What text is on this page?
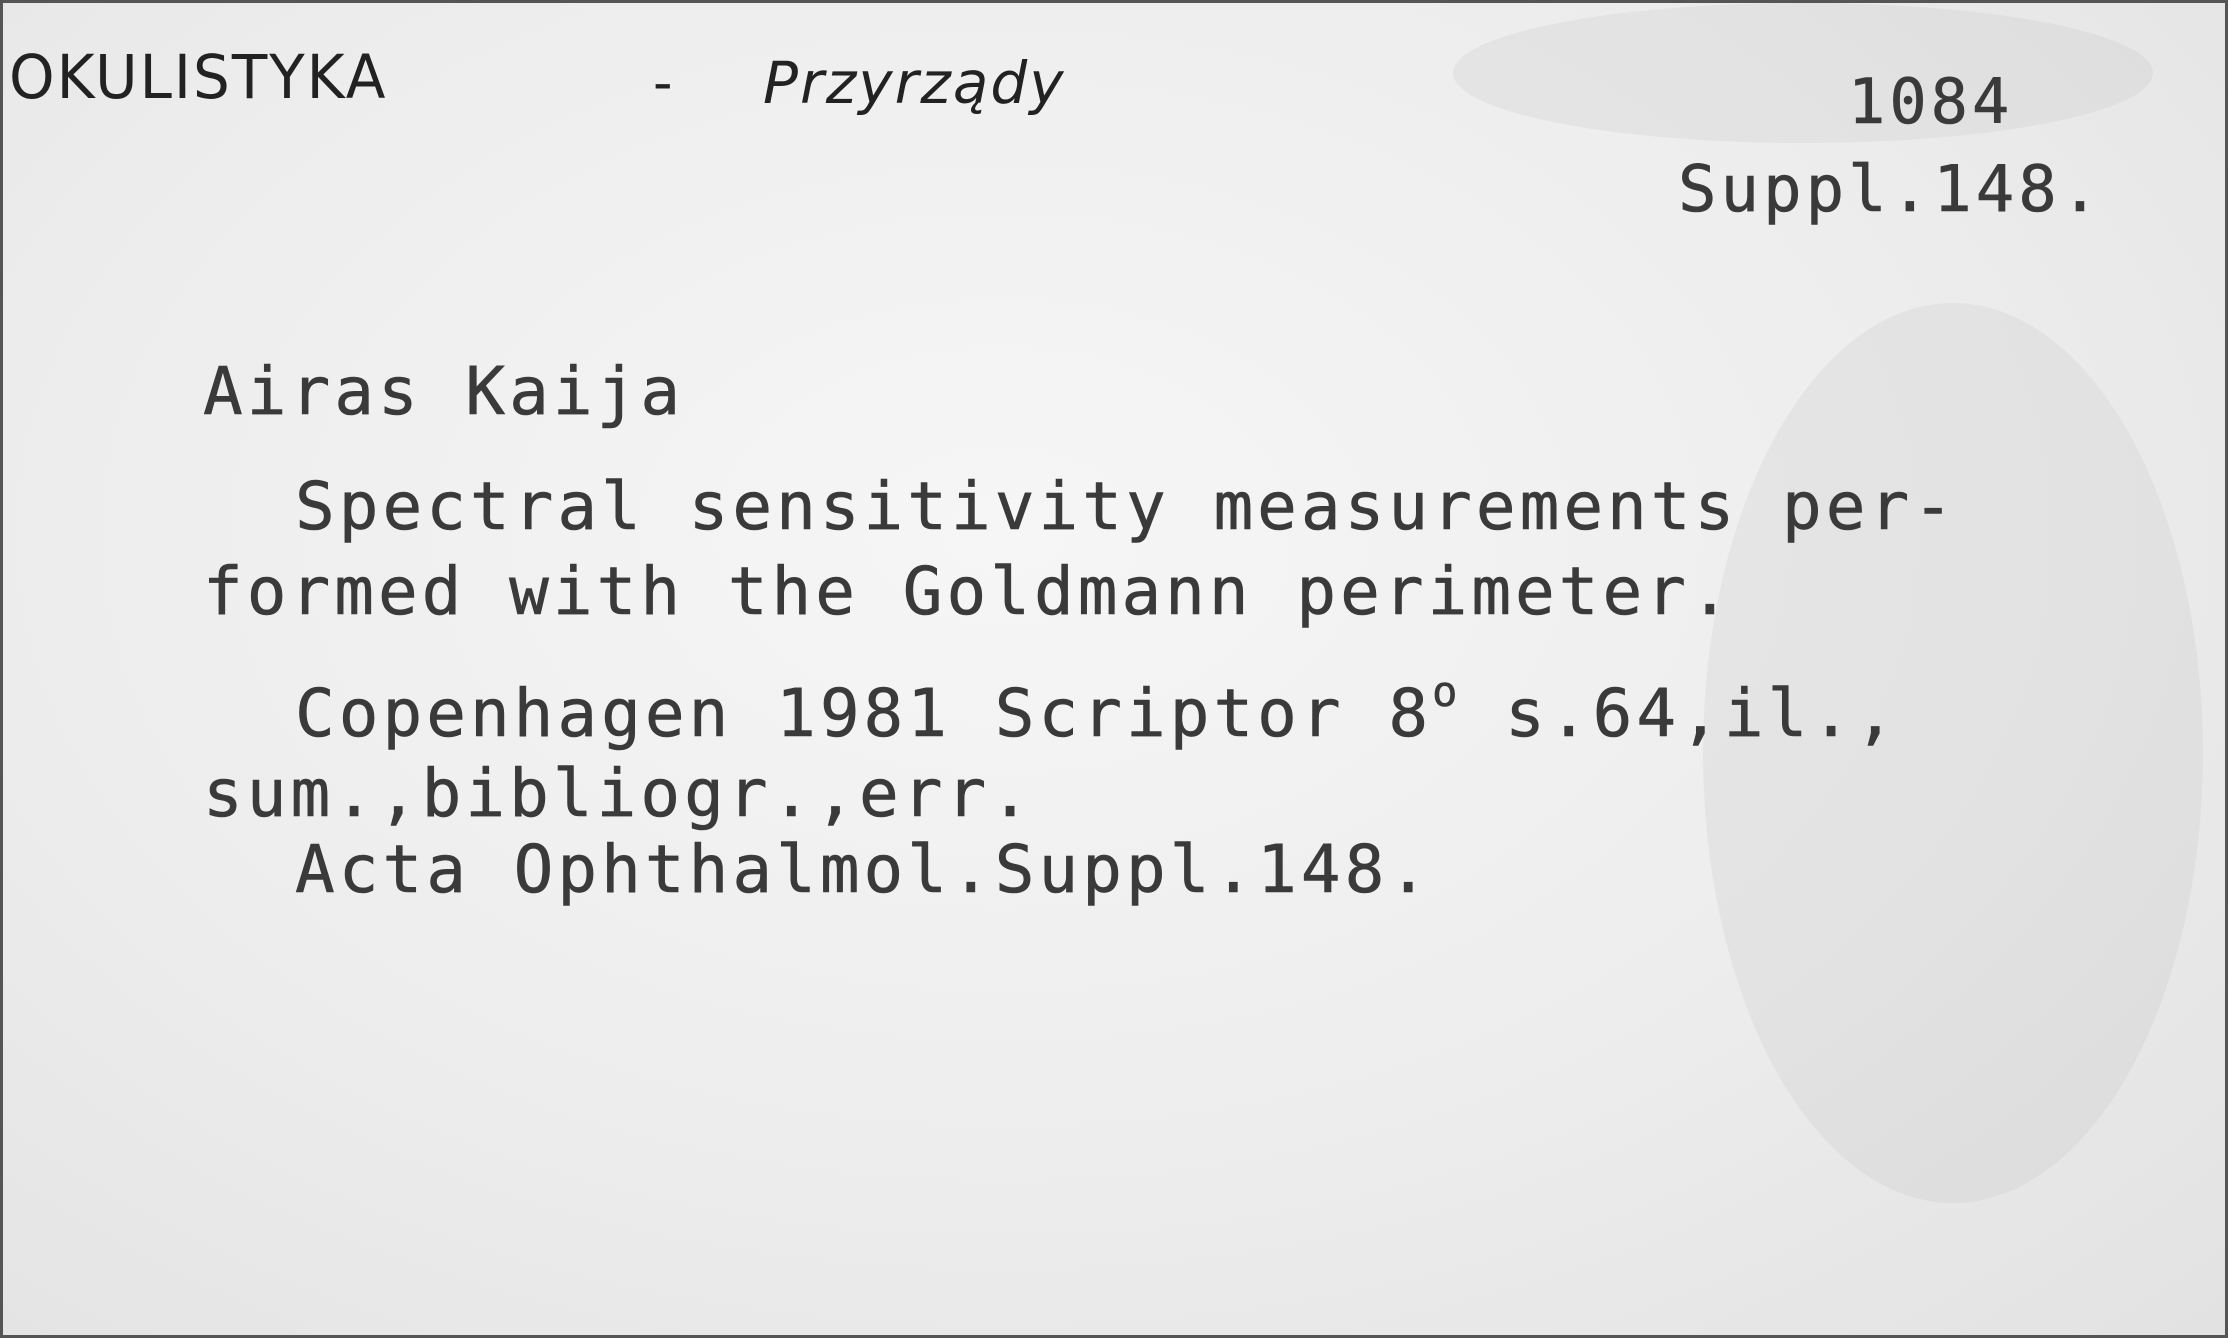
OKULISTYKA	- Przyrządy	1084
Suppl.148.
Airas Kaija
Spectral sensitivity measurements per-
formed with the Goldmann perimeter.
Copenhagen 1981 Scriptor 8$^o$ s.64,il.,
sum.,bibliogr.,err.
Acta Ophthalmol.Suppl.148.
